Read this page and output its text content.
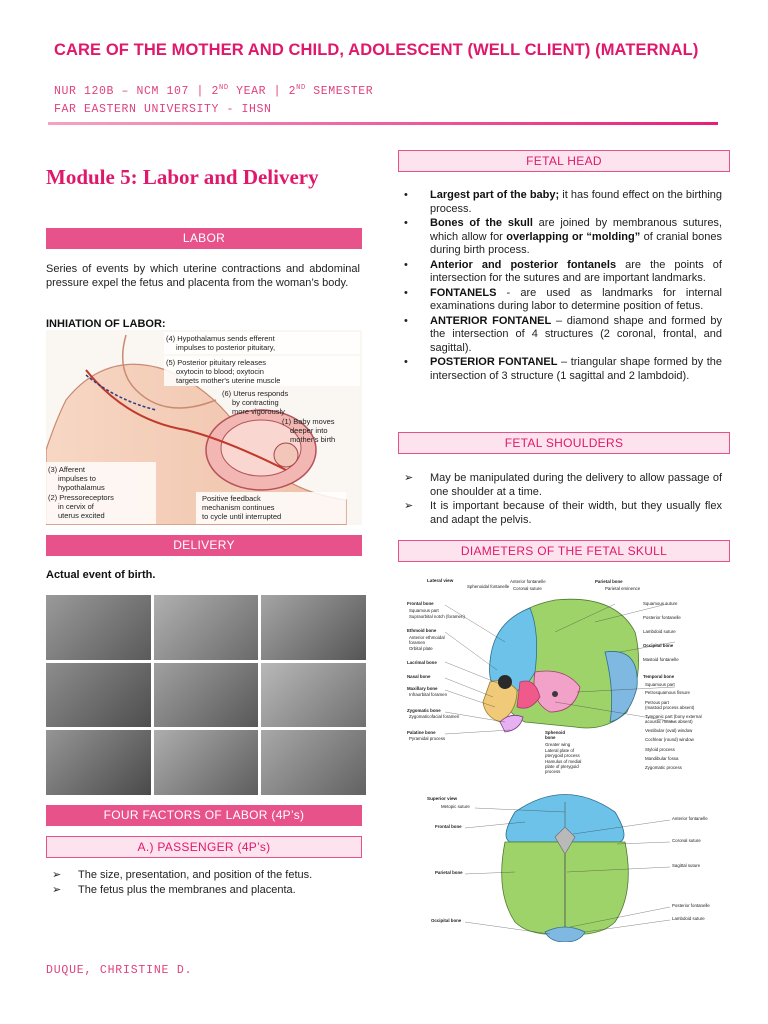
CARE OF THE MOTHER AND CHILD, ADOLESCENT (WELL CLIENT) (MATERNAL)
NUR 120B – NCM 107 | 2ND YEAR | 2ND SEMESTER
FAR EASTERN UNIVERSITY - IHSN
Module 5: Labor and Delivery
LABOR
Series of events by which uterine contractions and abdominal pressure expel the fetus and placenta from the woman’s body.
INHIATION OF LABOR:
(4) Hypothalamus sends efferent
impulses to posterior pituitary,
(5) Posterior pituitary releases
oxytocin to blood; oxytocin
targets mother's uterine muscle
(6) Uterus responds
by contracting
more vigorously
(1) Baby moves
deeper into
mother's birth
(3) Afferent
impulses to
hypothalamus
(2) Pressoreceptors
in cervix of
uterus excited
Positive feedback
mechanism continues
to cycle until interrupted
DELIVERY
Actual event of birth.
FOUR FACTORS OF LABOR (4P’s)
A.) PASSENGER (4P’s)
➢ The size, presentation, and position of the fetus.
➢ The fetus plus the membranes and placenta.
FETAL HEAD
• Largest part of the baby; it has found effect on the birthing process.
• Bones of the skull are joined by membranous sutures, which allow for overlapping or “molding” of cranial bones during birth process.
• Anterior and posterior fontanels are the points of intersection for the sutures and are important landmarks.
• FONTANELS - are used as landmarks for internal examinations during labor to determine position of fetus.
• ANTERIOR FONTANEL – diamond shape and formed by the intersection of 4 structures (2 coronal, frontal, and sagittal).
• POSTERIOR FONTANEL – triangular shape formed by the intersection of 3 structure (1 sagittal and 2 lambdoid).
FETAL SHOULDERS
➢ May be manipulated during the delivery to allow passage of one shoulder at a time.
➢ It is important because of their width, but they usually flex and adapt the pelvis.
DIAMETERS OF THE FETAL SKULL
Lateral view
Frontal bone
Squamous part
Supraorbital notch (foramen)
Ethmoid bone
Anterior ethmoidal
foramen
Orbital plate
Lacrimal bone
Nasal bone
Maxillary bone
Infraorbital foramen
Zygomatic bone
Zygomaticofacial foramen
Palatine bone
Pyramidal process
Sphenoidal fontanelle
Anterior fontanelle
Coronal suture
Parietal bone
Parietal eminence
Squamous suture
Posterior fontanelle
Lambdoid suture
Occipital bone
Mastoid fontanelle
Temporal bone
Squamous part
Petrosquamous fissure
Petrous part
(mastoid process absent)
Tympanic part (bony external
acoustic meatus absent)
Vestibular (oval) window
Cochlear (round) window
Styloid process
Mandibular fossa
Zygomatic process
Sphenoid
bone
Greater wing
Lateral plate of
pterygoid process
Hamulus of medial
plate of pterygoid
process
Superior view
Metopic suture
Frontal bone
Parietal bone
Occipital bone
Anterior fontanelle
Coronal suture
Sagittal suture
Posterior fontanelle
Lambdoid suture
DUQUE, CHRISTINE D.
